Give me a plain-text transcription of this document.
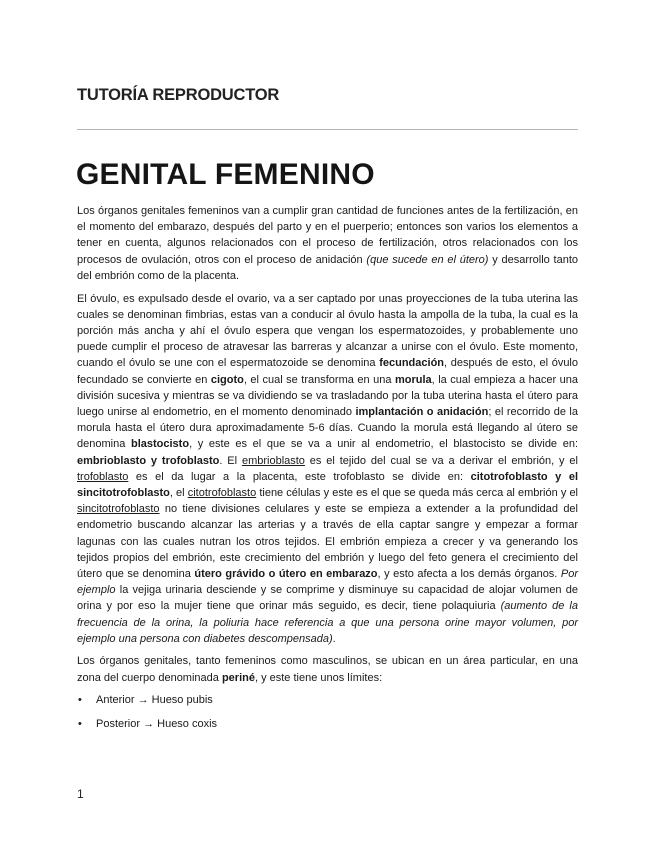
TUTORÍA REPRODUCTOR
GENITAL FEMENINO

Los órganos genitales femeninos van a cumplir gran cantidad de funciones antes de la fertilización, en el momento del embarazo, después del parto y en el puerperio; entonces son varios los elementos a tener en cuenta, algunos relacionados con el proceso de fertilización, otros relacionados con los procesos de ovulación, otros con el proceso de anidación (que sucede en el útero) y desarrollo tanto del embrión como de la placenta.

El óvulo, es expulsado desde el ovario, va a ser captado por unas proyecciones de la tuba uterina las cuales se denominan fimbrias, estas van a conducir al óvulo hasta la ampolla de la tuba, la cual es la porción más ancha y ahí el óvulo espera que vengan los espermatozoides, y probablemente uno puede cumplir el proceso de atravesar las barreras y alcanzar a unirse con el óvulo. Este momento, cuando el óvulo se une con el espermatozoide se denomina fecundación, después de esto, el óvulo fecundado se convierte en cigoto, el cual se transforma en una morula, la cual empieza a hacer una división sucesiva y mientras se va dividiendo se va trasladando por la tuba uterina hasta el útero para luego unirse al endometrio, en el momento denominado implantación o anidación; el recorrido de la morula hasta el útero dura aproximadamente 5-6 días. Cuando la morula está llegando al útero se denomina blastocisto, y este es el que se va a unir al endometrio, el blastocisto se divide en: embrioblasto y trofoblasto. El embrioblasto es el tejido del cual se va a derivar el embrión, y el trofoblasto es el da lugar a la placenta, este trofoblasto se divide en: citotrofoblasto y el sincitotrofoblasto, el citotrofoblasto tiene células y este es el que se queda más cerca al embrión y el sincitotrofoblasto no tiene divisiones celulares y este se empieza a extender a la profundidad del endometrio buscando alcanzar las arterias y a través de ella captar sangre y empezar a formar lagunas con las cuales nutran los otros tejidos. El embrión empieza a crecer y va generando los tejidos propios del embrión, este crecimiento del embrión y luego del feto genera el crecimiento del útero que se denomina útero grávido o útero en embarazo, y esto afecta a los demás órganos. Por ejemplo la vejiga urinaria desciende y se comprime y disminuye su capacidad de alojar volumen de orina y por eso la mujer tiene que orinar más seguido, es decir, tiene polaquiuria (aumento de la frecuencia de la orina, la poliuria hace referencia a que una persona orine mayor volumen, por ejemplo una persona con diabetes descompensada).

Los órganos genitales, tanto femeninos como masculinos, se ubican en un área particular, en una zona del cuerpo denominada periné, y este tiene unos límites:

• Anterior → Hueso pubis
• Posterior → Hueso coxis
1
